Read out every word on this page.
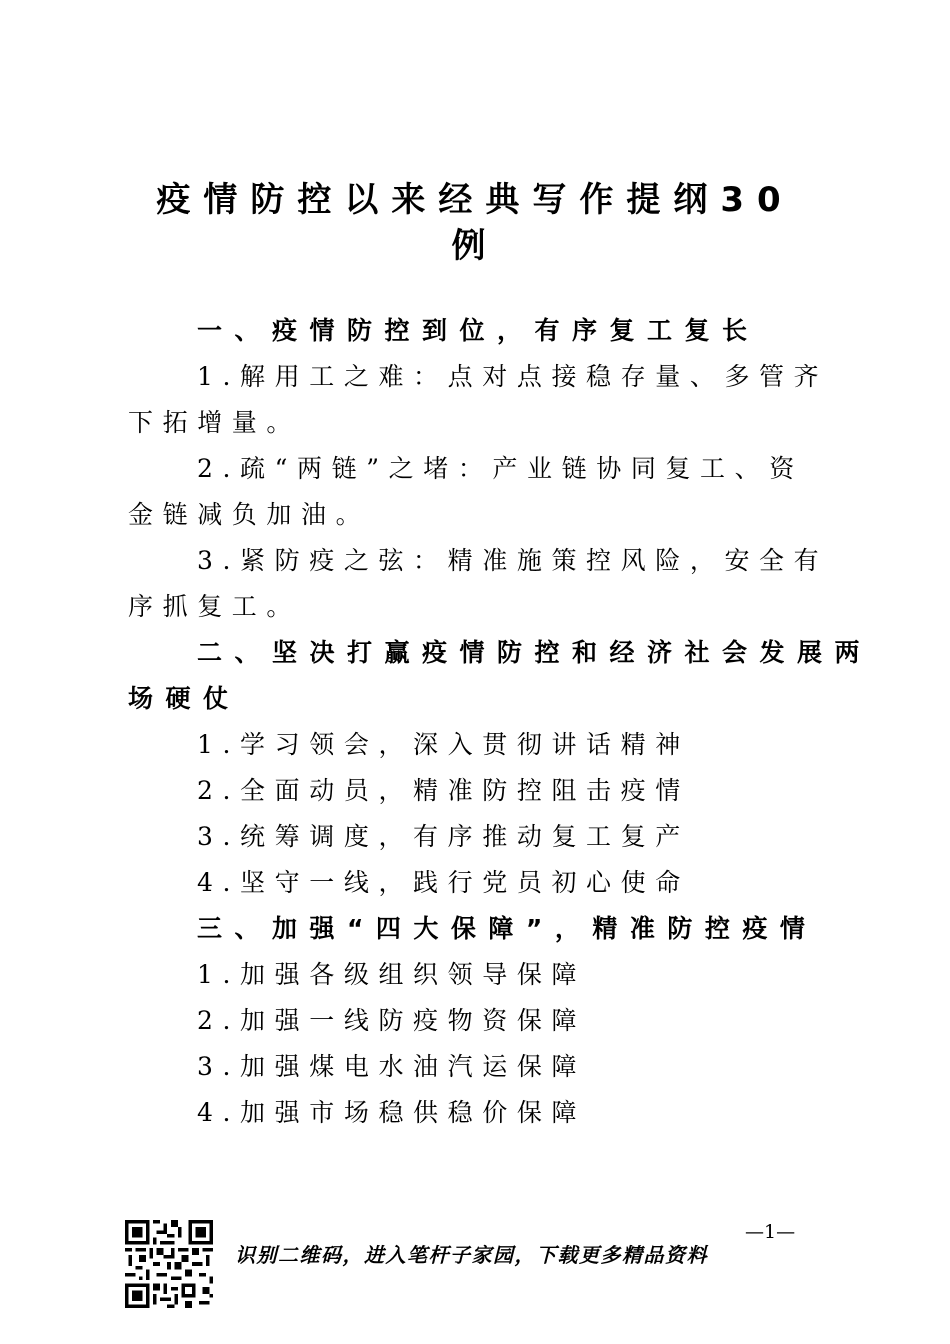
疫情防控以来经典写作提纲30
例
一、疫情防控到位，有序复工复长
1.解用工之难：点对点接稳存量、多管齐
下拓增量。
2.疏“两链”之堵：产业链协同复工、资
金链减负加油。
3.紧防疫之弦：精准施策控风险，安全有
序抓复工。
二、坚决打赢疫情防控和经济社会发展两
场硬仗
1.学习领会，深入贯彻讲话精神
2.全面动员，精准防控阻击疫情
3.统筹调度，有序推动复工复产
4.坚守一线，践行党员初心使命
三、加强“四大保障”，精准防控疫情
1.加强各级组织领导保障
2.加强一线防疫物资保障
3.加强煤电水油汽运保障
4.加强市场稳供稳价保障
识别二维码，进入笔杆子家园，下载更多精品资料
—1—
